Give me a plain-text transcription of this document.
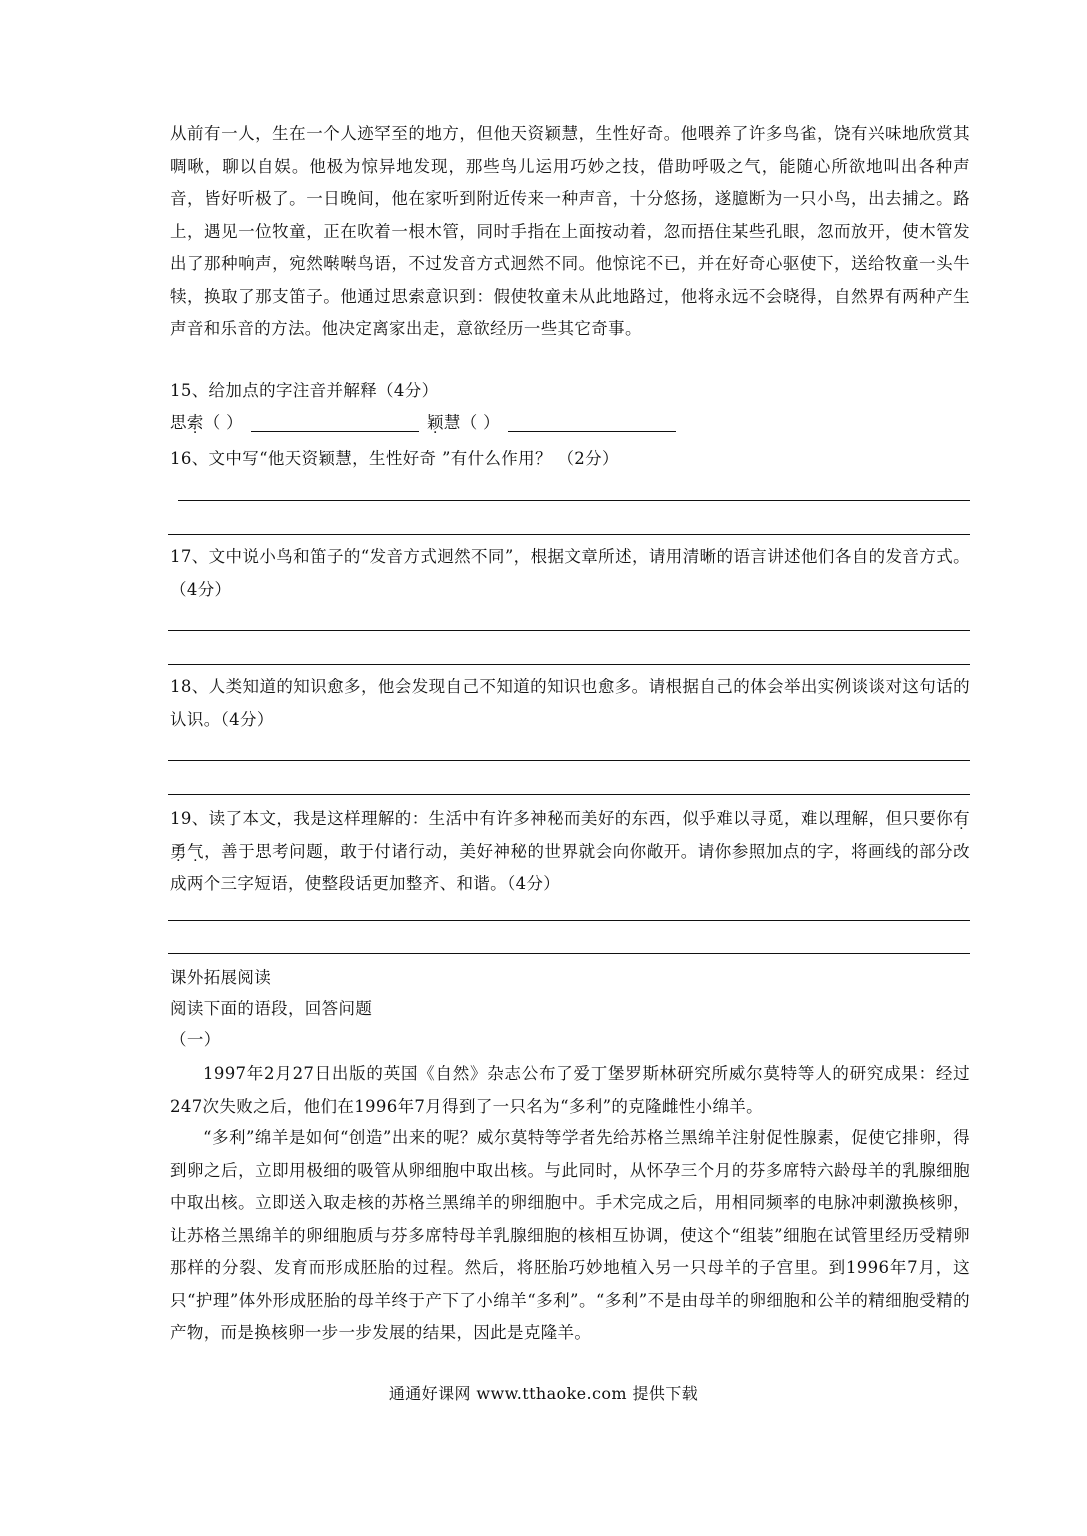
从前有一人，生在一个人迹罕至的地方，但他天资颖慧，生性好奇。他喂养了许多鸟雀，饶有兴味地欣赏其啁啾，聊以自娱。他极为惊异地发现，那些鸟儿运用巧妙之技，借助呼吸之气，能随心所欲地叫出各种声音，皆好听极了。一日晚间，他在家听到附近传来一种声音，十分悠扬，遂臆断为一只小鸟，出去捕之。路上，遇见一位牧童，正在吹着一根木管，同时手指在上面按动着，忽而捂住某些孔眼，忽而放开，使木管发出了那种响声，宛然啭啭鸟语，不过发音方式迥然不同。他惊诧不已，并在好奇心驱使下，送给牧童一头牛犊，换取了那支笛子。他通过思索意识到：假使牧童未从此地路过，他将永远不会晓得，自然界有两种产生声音和乐音的方法。他决定离家出走，意欲经历一些其它奇事。
15、给加点的字注音并解释（4分）
思索（ ）	颖慧（ ）
16、文中写“他天资颖慧，生性好奇 ”有什么作用？ （2分）
17、文中说小鸟和笛子的“发音方式迥然不同”，根据文章所述，请用清晰的语言讲述他们各自的发音方式。（4分）
18、人类知道的知识愈多，他会发现自己不知道的知识也愈多。请根据自己的体会举出实例谈谈对这句话的认识。（4分）
19、读了本文，我是这样理解的：生活中有许多神秘而美好的东西，似乎难以寻觅，难以理解，但只要你有勇气，善于思考问题，敢于付诸行动，美好神秘的世界就会向你敞开。请你参照加点的字，将画线的部分改成两个三字短语，使整段话更加整齐、和谐。（4分）
课外拓展阅读
阅读下面的语段，回答问题
（一）
1997年2月27日出版的英国《自然》杂志公布了爱丁堡罗斯林研究所威尔莫特等人的研究成果：经过247次失败之后，他们在1996年7月得到了一只名为“多利”的克隆雌性小绵羊。
“多利”绵羊是如何“创造”出来的呢？威尔莫特等学者先给苏格兰黑绵羊注射促性腺素，促使它排卵，得到卵之后，立即用极细的吸管从卵细胞中取出核。与此同时，从怀孕三个月的芬多席特六龄母羊的乳腺细胞中取出核。立即送入取走核的苏格兰黑绵羊的卵细胞中。手术完成之后，用相同频率的电脉冲刺激换核卵，让苏格兰黑绵羊的卵细胞质与芬多席特母羊乳腺细胞的核相互协调，使这个“组装”细胞在试管里经历受精卵那样的分裂、发育而形成胚胎的过程。然后，将胚胎巧妙地植入另一只母羊的子宫里。到1996年7月，这只“护理”体外形成胚胎的母羊终于产下了小绵羊“多利”。“多利”不是由母羊的卵细胞和公羊的精细胞受精的产物，而是换核卵一步一步发展的结果，因此是克隆羊。
通通好课网 www.tthaoke.com 提供下载
